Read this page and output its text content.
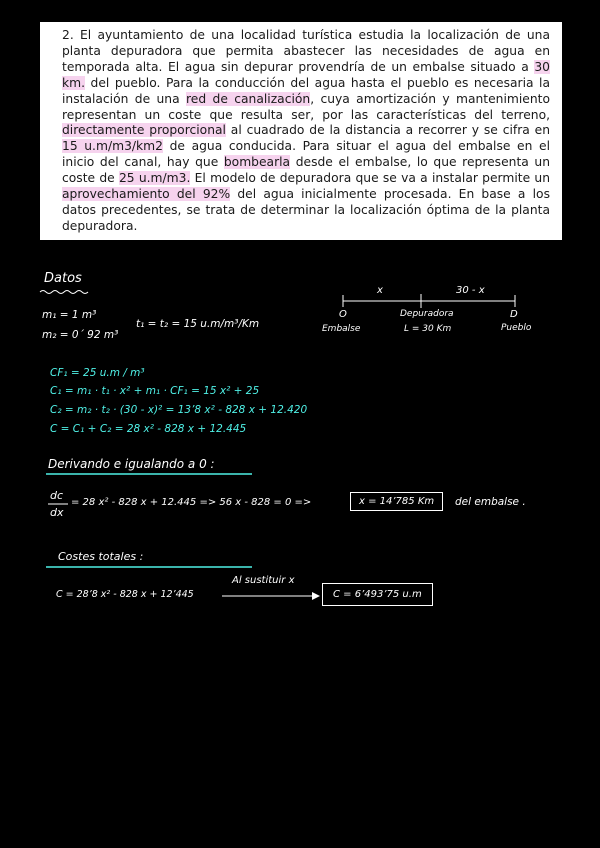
2. El ayuntamiento de una localidad turística estudia la localización de una planta depuradora que permita abastecer las necesidades de agua en temporada alta. El agua sin depurar provendría de un embalse situado a 30 km. del pueblo. Para la conducción del agua hasta el pueblo es necesaria la instalación de una red de canalización, cuya amortización y mantenimiento representan un coste que resulta ser, por las características del terreno, directamente proporcional al cuadrado de la distancia a recorrer y se cifra en 15 u.m/m3/km2 de agua conducida. Para situar el agua del embalse en el inicio del canal, hay que bombearla desde el embalse, lo que representa un coste de 25 u.m/m3. El modelo de depuradora que se va a instalar permite un aprovechamiento del 92% del agua inicialmente procesada. En base a los datos precedentes, se trata de determinar la localización óptima de la planta depuradora.

Datos
m₁ = 1 m³
m₂ = 0´ 92 m³
t₁ = t₂ = 15 u.m/m³/Km
x	30 - x
O
Embalse
Depuradora
L = 30 Km
D
Pueblo
CF₁ = 25 u.m / m³
C₁ = m₁ · t₁ · x² + m₁ · CF₁ = 15 x² + 25
C₂ = m₂ · t₂ · (30 - x)² = 13’8 x² - 828 x + 12.420
C = C₁ + C₂ = 28 x² - 828 x + 12.445
Derivando e igualando a 0 :
dc
dx
= 28 x² - 828 x + 12.445 => 56 x - 828 = 0 =>	x = 14’785 Km	del embalse .
Costes totales :
C = 28’8 x² - 828 x + 12’445
Al sustituir x
C = 6’493’75 u.m
